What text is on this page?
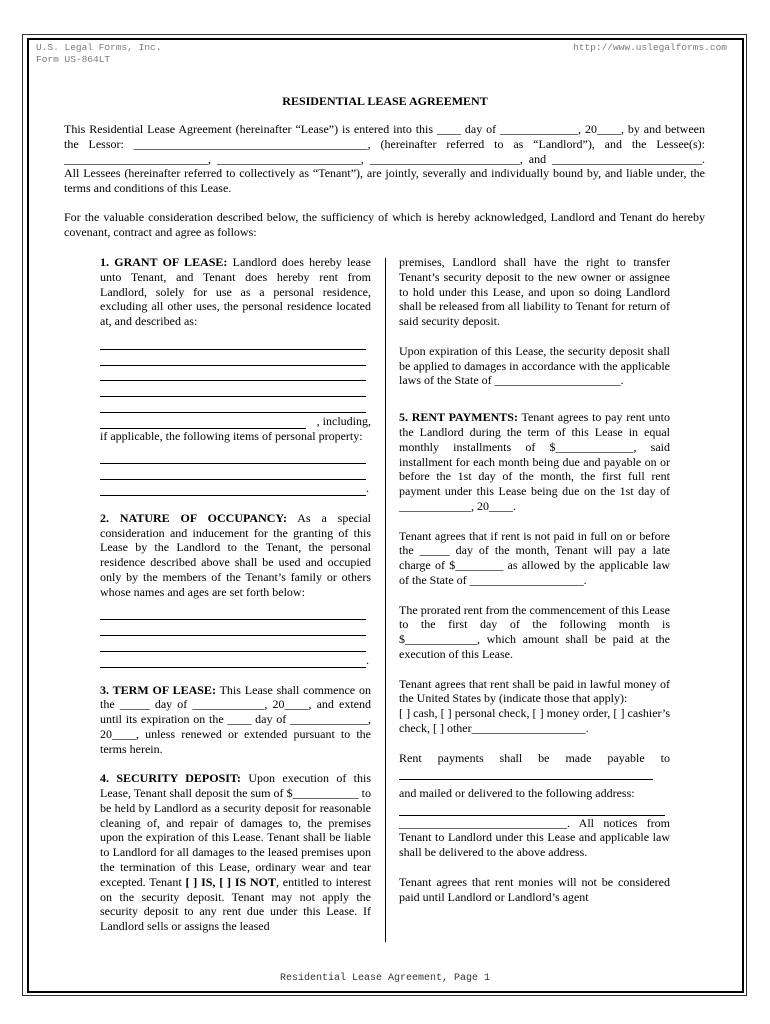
U.S. Legal Forms, Inc.
Form US-864LT
http://www.uslegalforms.com
RESIDENTIAL LEASE AGREEMENT
This Residential Lease Agreement (hereinafter “Lease”) is entered into this ____ day of _____________, 20____, by and between the Lessor: _______________________________________, (hereinafter referred to as “Landlord”), and the Lessee(s): ________________________, ________________________, _________________________, and _________________________. All Lessees (hereinafter referred to collectively as “Tenant”), are jointly, severally and individually bound by, and liable under, the terms and conditions of this Lease.
For the valuable consideration described below, the sufficiency of which is hereby acknowledged, Landlord and Tenant do hereby covenant, contract and agree as follows:
1. GRANT OF LEASE: Landlord does hereby lease unto Tenant, and Tenant does hereby rent from Landlord, solely for use as a personal residence, excluding all other uses, the personal residence located at, and described as:
, including,
if applicable, the following items of personal property:
.
2. NATURE OF OCCUPANCY: As a special consideration and inducement for the granting of this Lease by the Landlord to the Tenant, the personal residence described above shall be used and occupied only by the members of the Tenant’s family or others whose names and ages are set forth below:
.
3. TERM OF LEASE: This Lease shall commence on the _____ day of ____________, 20____, and extend until its expiration on the ____ day of _____________, 20____, unless renewed or extended pursuant to the terms herein.
4. SECURITY DEPOSIT: Upon execution of this Lease, Tenant shall deposit the sum of $___________ to be held by Landlord as a security deposit for reasonable cleaning of, and repair of damages to, the premises upon the expiration of this Lease. Tenant shall be liable to Landlord for all damages to the leased premises upon the termination of this Lease, ordinary wear and tear excepted. Tenant [ ] IS, [ ] IS NOT, entitled to interest on the security deposit. Tenant may not apply the security deposit to any rent due under this Lease. If Landlord sells or assigns the leased
premises, Landlord shall have the right to transfer Tenant’s security deposit to the new owner or assignee to hold under this Lease, and upon so doing Landlord shall be released from all liability to Tenant for return of said security deposit.
Upon expiration of this Lease, the security deposit shall be applied to damages in accordance with the applicable laws of the State of _____________________.
5. RENT PAYMENTS: Tenant agrees to pay rent unto the Landlord during the term of this Lease in equal monthly installments of $_____________, said installment for each month being due and payable on or before the 1st day of the month, the first full rent payment under this Lease being due on the 1st day of ____________, 20____.
Tenant agrees that if rent is not paid in full on or before the _____ day of the month, Tenant will pay a late charge of $________ as allowed by the applicable law of the State of ___________________.
The prorated rent from the commencement of this Lease to the first day of the following month is $____________, which amount shall be paid at the execution of this Lease.
Tenant agrees that rent shall be paid in lawful money of the United States by (indicate those that apply):
[ ] cash, [ ] personal check, [ ] money order, [ ] cashier’s check, [ ] other___________________.
Rent payments shall be made payable to
and mailed or delivered to the following address:
____________________________. All notices from Tenant to Landlord under this Lease and applicable law shall be delivered to the above address.
Tenant agrees that rent monies will not be considered paid until Landlord or Landlord’s agent
Residential Lease Agreement, Page 1
